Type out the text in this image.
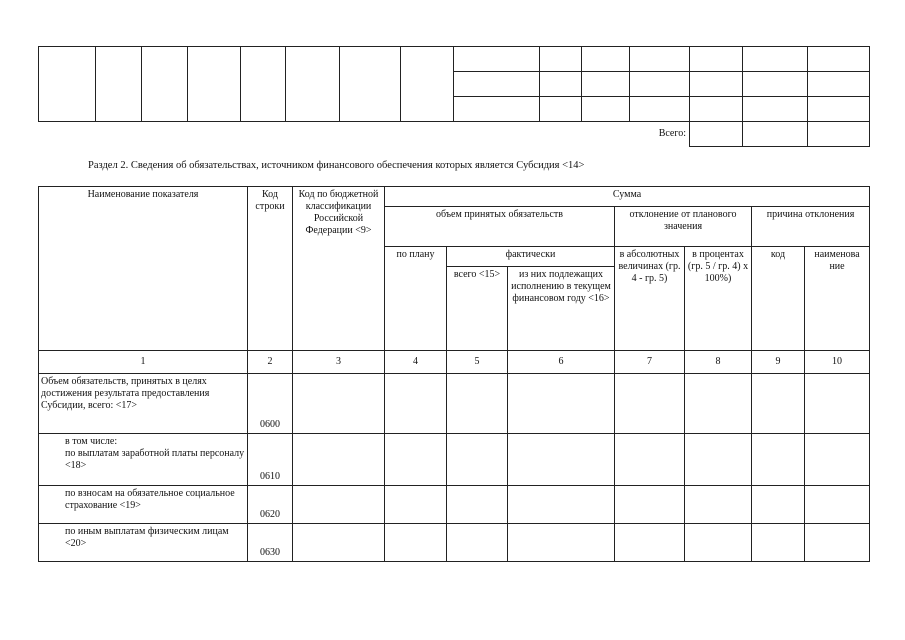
Всего:														
Раздел 2. Сведения об обязательствах, источником финансового обеспечения которых является Субсидия <14>
Наименование показателя	Код строки	Код по бюджетной классификации Российской Федерации <9>	Сумма						
			объем принятых обязательств			отклонение от планового значения		причина отклонения	
			по плану	фактически		в абсолютных величинах (гр. 4 - гр. 5)	в процентах (гр. 5 / гр. 4) x 100%)	код	наименова ние
				всего <15>	из них подлежащих исполнению в текущем финансовом году <16>				
1	2	3	4	5	6	7	8	9	10
Объем обязательств, принятых в целях достижения результата предоставления Субсидии, всего: <17>	0600								
в том числе:
по выплатам заработной платы персоналу <18>	0610								
по взносам на обязательное социальное страхование <19>	0620								
по иным выплатам физическим лицам <20>	0630								
